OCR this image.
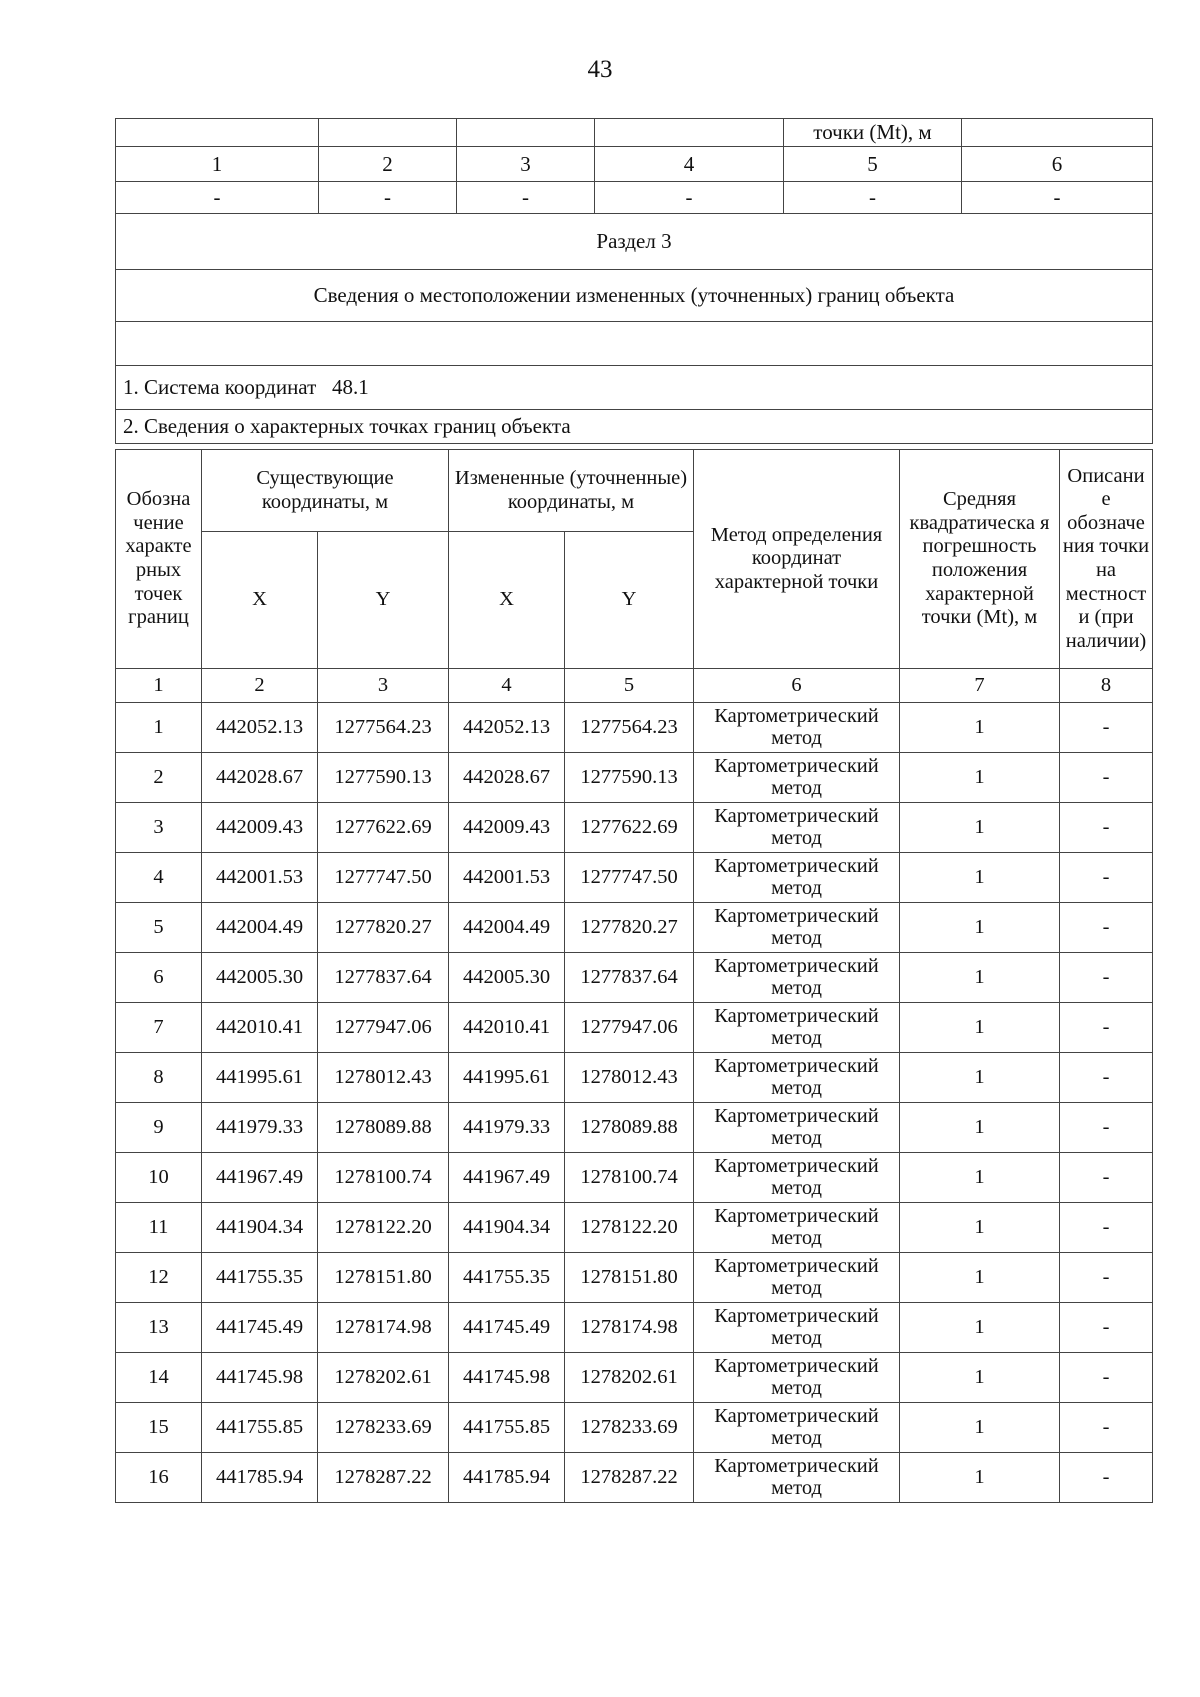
43
				точки (Mt), м	
1	2	3	4	5	6
-	-	-	-	-	-
Раздел 3					
Сведения о местоположении измененных (уточненных) границ объекта					

1. Система координат   48.1					
2. Сведения о характерных точках границ объекта					
Обозна чение характе рных точек границ	Существующие координаты, м		Измененные (уточненные) координаты, м		Метод определения координат характерной точки	Средняя квадратическа я погрешность положения характерной точки (Mt), м	Описани е обозначе ния точки на местност и (при наличии)
	X	Y	X	Y			
1	2	3	4	5	6	7	8
1	442052.13	1277564.23	442052.13	1277564.23	Картометрический метод	1	-
2	442028.67	1277590.13	442028.67	1277590.13	Картометрический метод	1	-
3	442009.43	1277622.69	442009.43	1277622.69	Картометрический метод	1	-
4	442001.53	1277747.50	442001.53	1277747.50	Картометрический метод	1	-
5	442004.49	1277820.27	442004.49	1277820.27	Картометрический метод	1	-
6	442005.30	1277837.64	442005.30	1277837.64	Картометрический метод	1	-
7	442010.41	1277947.06	442010.41	1277947.06	Картометрический метод	1	-
8	441995.61	1278012.43	441995.61	1278012.43	Картометрический метод	1	-
9	441979.33	1278089.88	441979.33	1278089.88	Картометрический метод	1	-
10	441967.49	1278100.74	441967.49	1278100.74	Картометрический метод	1	-
11	441904.34	1278122.20	441904.34	1278122.20	Картометрический метод	1	-
12	441755.35	1278151.80	441755.35	1278151.80	Картометрический метод	1	-
13	441745.49	1278174.98	441745.49	1278174.98	Картометрический метод	1	-
14	441745.98	1278202.61	441745.98	1278202.61	Картометрический метод	1	-
15	441755.85	1278233.69	441755.85	1278233.69	Картометрический метод	1	-
16	441785.94	1278287.22	441785.94	1278287.22	Картометрический метод	1	-
